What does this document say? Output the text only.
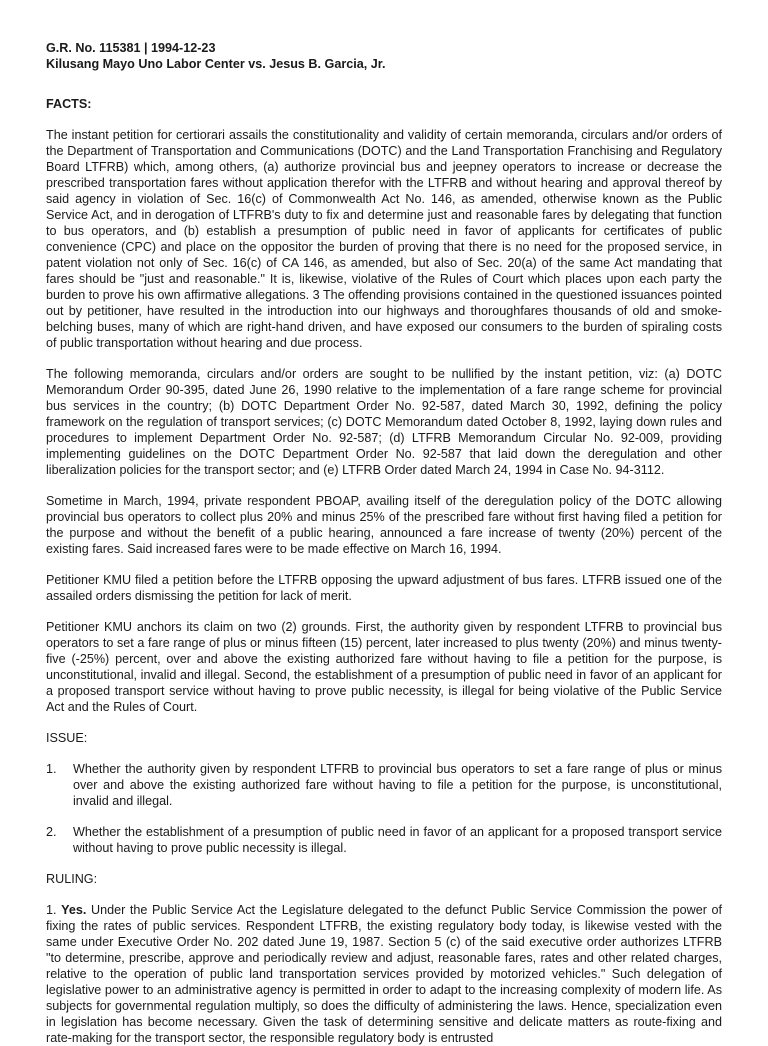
G.R. No. 115381 | 1994-12-23
Kilusang Mayo Uno Labor Center vs. Jesus B. Garcia, Jr.
FACTS:

The instant petition for certiorari assails the constitutionality and validity of certain memoranda, circulars and/or orders of the Department of Transportation and Communications (DOTC) and the Land Transportation Franchising and Regulatory Board LTFRB) which, among others, (a) authorize provincial bus and jeepney operators to increase or decrease the prescribed transportation fares without application therefor with the LTFRB and without hearing and approval thereof by said agency in violation of Sec. 16(c) of Commonwealth Act No. 146, as amended, otherwise known as the Public Service Act, and in derogation of LTFRB's duty to fix and determine just and reasonable fares by delegating that function to bus operators, and (b) establish a presumption of public need in favor of applicants for certificates of public convenience (CPC) and place on the oppositor the burden of proving that there is no need for the proposed service, in patent violation not only of Sec. 16(c) of CA 146, as amended, but also of Sec. 20(a) of the same Act mandating that fares should be "just and reasonable." It is, likewise, violative of the Rules of Court which places upon each party the burden to prove his own affirmative allegations. 3 The offending provisions contained in the questioned issuances pointed out by petitioner, have resulted in the introduction into our highways and thoroughfares thousands of old and smoke-belching buses, many of which are right-hand driven, and have exposed our consumers to the burden of spiraling costs of public transportation without hearing and due process.

The following memoranda, circulars and/or orders are sought to be nullified by the instant petition, viz: (a) DOTC Memorandum Order 90-395, dated June 26, 1990 relative to the implementation of a fare range scheme for provincial bus services in the country; (b) DOTC Department Order No. 92-587, dated March 30, 1992, defining the policy framework on the regulation of transport services; (c) DOTC Memorandum dated October 8, 1992, laying down rules and procedures to implement Department Order No. 92-587; (d) LTFRB Memorandum Circular No. 92-009, providing implementing guidelines on the DOTC Department Order No. 92-587 that laid down the deregulation and other liberalization policies for the transport sector; and (e) LTFRB Order dated March 24, 1994 in Case No. 94-3112.

Sometime in March, 1994, private respondent PBOAP, availing itself of the deregulation policy of the DOTC allowing provincial bus operators to collect plus 20% and minus 25% of the prescribed fare without first having filed a petition for the purpose and without the benefit of a public hearing, announced a fare increase of twenty (20%) percent of the existing fares. Said increased fares were to be made effective on March 16, 1994.

Petitioner KMU filed a petition before the LTFRB opposing the upward adjustment of bus fares. LTFRB issued one of the assailed orders dismissing the petition for lack of merit.

Petitioner KMU anchors its claim on two (2) grounds. First, the authority given by respondent LTFRB to provincial bus operators to set a fare range of plus or minus fifteen (15) percent, later increased to plus twenty (20%) and minus twenty-five (-25%) percent, over and above the existing authorized fare without having to file a petition for the purpose, is unconstitutional, invalid and illegal. Second, the establishment of a presumption of public need in favor of an applicant for a proposed transport service without having to prove public necessity, is illegal for being violative of the Public Service Act and the Rules of Court.

ISSUE:
1.	Whether the authority given by respondent LTFRB to provincial bus operators to set a fare range of plus or minus over and above the existing authorized fare without having to file a petition for the purpose, is unconstitutional, invalid and illegal.
2.	Whether the establishment of a presumption of public need in favor of an applicant for a proposed transport service without having to prove public necessity is illegal.
RULING:

1. Yes. Under the Public Service Act the Legislature delegated to the defunct Public Service Commission the power of fixing the rates of public services. Respondent LTFRB, the existing regulatory body today, is likewise vested with the same under Executive Order No. 202 dated June 19, 1987. Section 5 (c) of the said executive order authorizes LTFRB "to determine, prescribe, approve and periodically review and adjust, reasonable fares, rates and other related charges, relative to the operation of public land transportation services provided by motorized vehicles." Such delegation of legislative power to an administrative agency is permitted in order to adapt to the increasing complexity of modern life. As subjects for governmental regulation multiply, so does the difficulty of administering the laws. Hence, specialization even in legislation has become necessary. Given the task of determining sensitive and delicate matters as route-fixing and rate-making for the transport sector, the responsible regulatory body is entrusted
